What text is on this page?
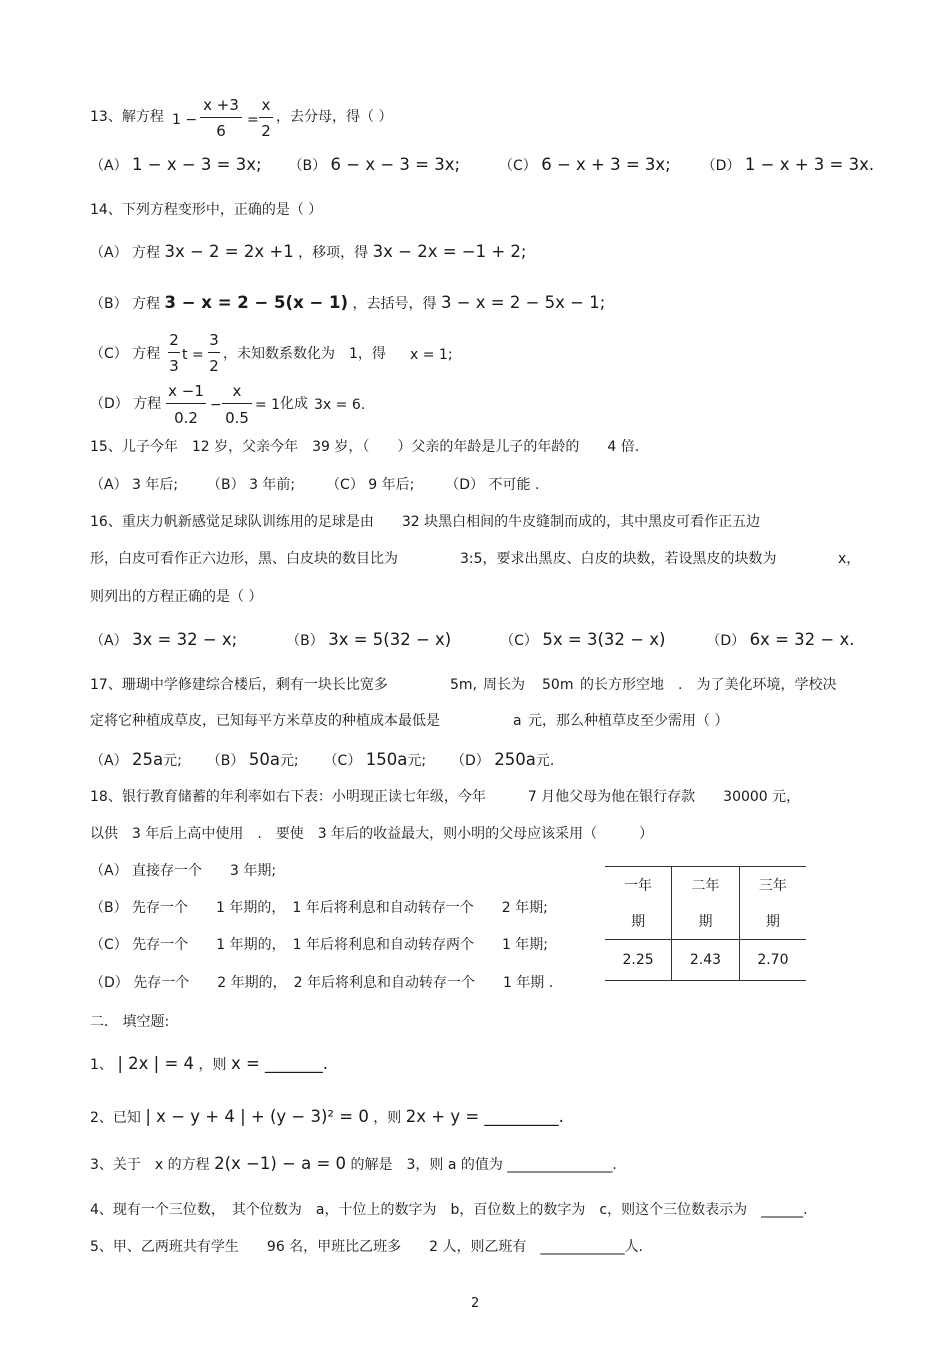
13、解方程 1 −
x +3
6
=
x
2
，去分母，得（ ）
（A） 1 − x − 3 = 3x; （B） 6 − x − 3 = 3x;	（C） 6 − x + 3 = 3x; （D） 1 − x + 3 = 3x.
14、下列方程变形中，正确的是（ ）
（A） 方程 3x − 2 = 2x +1 ，移项，得 3x − 2x = −1 + 2;
（B） 方程 3 − x = 2 − 5(x − 1) ，去括号，得 3 − x = 2 − 5x − 1;
（C） 方程
2
3
t =
3
2
，未知数系数化为　1，得 x = 1;
（D） 方程
x −1
0.2
−
x
0.5
= 1 化成 3x = 6.
15、儿子今年　12 岁，父亲今年　39 岁，（　　）父亲的年龄是儿子的年龄的　　4 倍.
（A） 3 年后; （B） 3 年前; （C） 9 年后; （D） 不可能 .
16、重庆力帆新感觉足球队训练用的足球是由　　32 块黑白相间的牛皮缝制而成的，其中黑皮可看作正五边
形，白皮可看作正六边形，黑、白皮块的数目比为	3:5，要求出黑皮、白皮的块数，若设黑皮的块数为	x，
则列出的方程正确的是（ ）
（A） 3x = 32 − x;	（B） 3x = 5(32 − x)	（C） 5x = 3(32 − x)	（D） 6x = 32 − x.
17、珊瑚中学修建综合楼后，剩有一块长比宽多	5m, 周长为 50m 的长方形空地　.　为了美化环境，学校决
定将它种植成草皮，已知每平方米草皮的种植成本最低是	a 元，那么种植草皮至少需用（ ）
（A） 25a元; （B） 50a元; （C） 150a元; （D） 250a元.
18、银行教育储蓄的年利率如右下表：小明现正读七年级，今年　　　7 月他父母为他在银行存款　　30000 元，
以供　3 年后上高中使用　.　要使　3 年后的收益最大，则小明的父母应该采用（　　　）
（A） 直接存一个　　3 年期;
（B） 先存一个　　1 年期的，　1 年后将利息和自动转存一个　　2 年期;
（C） 先存一个　　1 年期的，　1 年后将利息和自动转存两个　　1 年期;
（D） 先存一个　　2 年期的，　2 年后将利息和自动转存一个　　1 年期 .
一年	二年	三年
期	期	期
2.25	2.43	2.70
二． 填空题:
1、 | 2x | = 4 ，则 x = _______.
2、已知 | x − y + 4 | + (y − 3)² = 0 ，则 2x + y = _________.
3、关于　x 的方程 2(x −1) − a = 0 的解是　3，则 a 的值为 _______________.
4、现有一个三位数，　其个位数为　a，十位上的数字为　b，百位数上的数字为　c，则这个三位数表示为　______.
5、甲、乙两班共有学生　　96 名，甲班比乙班多　　2 人，则乙班有　____________人.
2
